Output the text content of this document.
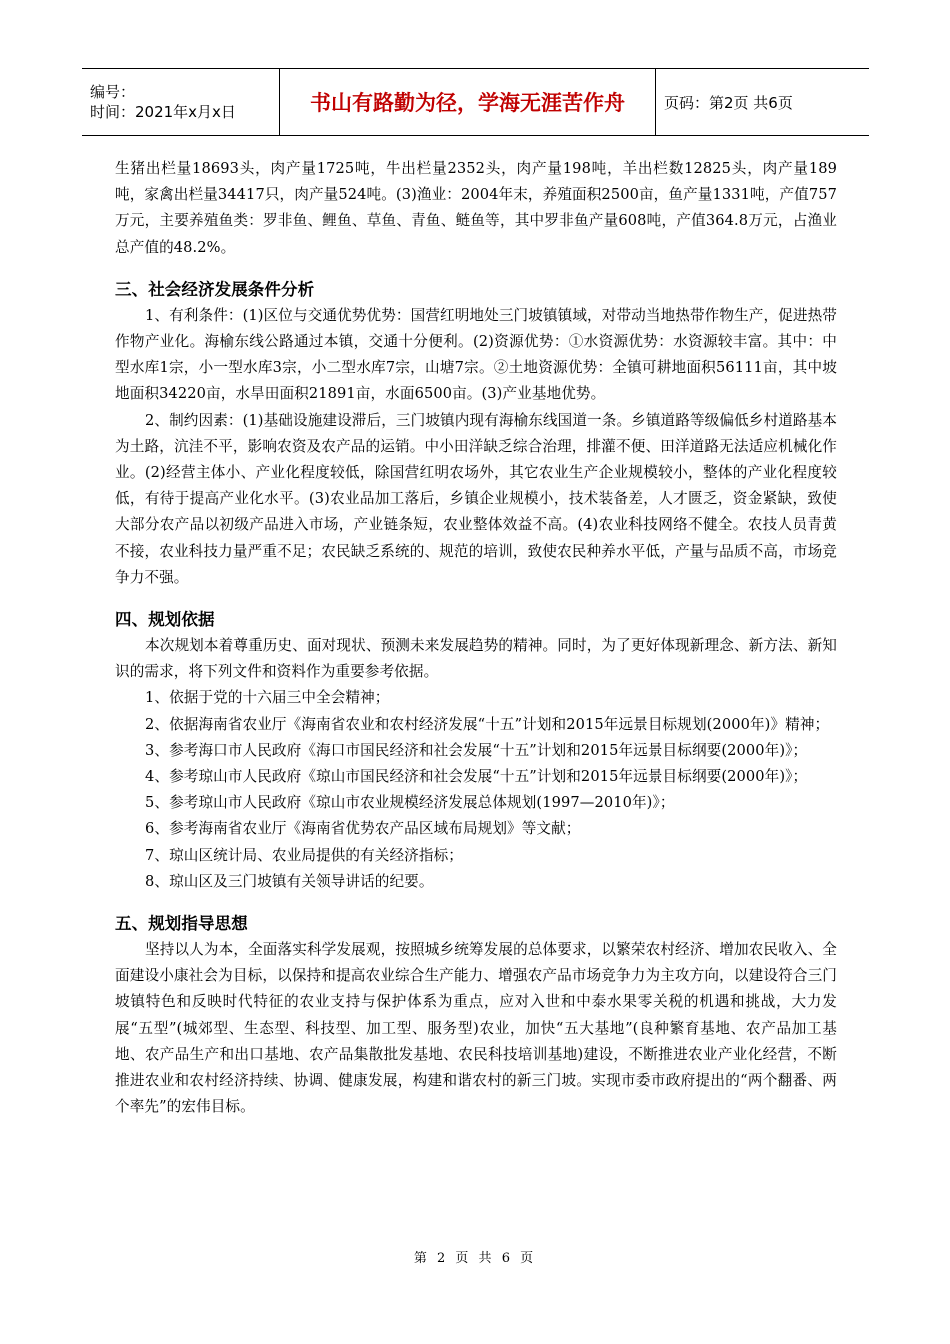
编号：
时间：2021年x月x日	书山有路勤为径，学海无涯苦作舟	页码：第2页 共6页

生猪出栏量18693头，肉产量1725吨，牛出栏量2352头，肉产量198吨，羊出栏数12825头，肉产量189吨，家禽出栏量34417只，肉产量524吨。(3)渔业：2004年末，养殖面积2500亩，鱼产量1331吨，产值757万元，主要养殖鱼类：罗非鱼、鲤鱼、草鱼、青鱼、鲢鱼等，其中罗非鱼产量608吨，产值364.8万元，占渔业总产值的48.2%。

三、社会经济发展条件分析

1、有利条件：(1)区位与交通优势优势：国营红明地处三门坡镇镇域，对带动当地热带作物生产，促进热带作物产业化。海榆东线公路通过本镇，交通十分便利。(2)资源优势：①水资源优势：水资源较丰富。其中：中型水库1宗，小一型水库3宗，小二型水库7宗，山塘7宗。②土地资源优势：全镇可耕地面积56111亩，其中坡地面积34220亩，水旱田面积21891亩，水面6500亩。(3)产业基地优势。

2、制约因素：(1)基础设施建设滞后，三门坡镇内现有海榆东线国道一条。乡镇道路等级偏低乡村道路基本为土路，沆洼不平，影响农资及农产品的运销。中小田洋缺乏综合治理，排灌不便、田洋道路无法适应机械化作业。(2)经营主体小、产业化程度较低，除国营红明农场外，其它农业生产企业规模较小，整体的产业化程度较低，有待于提高产业化水平。(3)农业品加工落后，乡镇企业规模小，技术装备差，人才匮乏，资金紧缺，致使大部分农产品以初级产品进入市场，产业链条短，农业整体效益不高。(4)农业科技网络不健全。农技人员青黄不接，农业科技力量严重不足；农民缺乏系统的、规范的培训，致使农民种养水平低，产量与品质不高，市场竞争力不强。

四、规划依据

本次规划本着尊重历史、面对现状、预测未来发展趋势的精神。同时，为了更好体现新理念、新方法、新知识的需求，将下列文件和资料作为重要参考依据。

1、依据于党的十六届三中全会精神；

2、依据海南省农业厅《海南省农业和农村经济发展“十五”计划和2015年远景目标规划(2000年)》精神；

3、参考海口市人民政府《海口市国民经济和社会发展“十五”计划和2015年远景目标纲要(2000年)》；

4、参考琼山市人民政府《琼山市国民经济和社会发展“十五”计划和2015年远景目标纲要(2000年)》；

5、参考琼山市人民政府《琼山市农业规模经济发展总体规划(1997—2010年)》；

6、参考海南省农业厅《海南省优势农产品区域布局规划》等文献；

7、琼山区统计局、农业局提供的有关经济指标；

8、琼山区及三门坡镇有关领导讲话的纪要。

五、规划指导思想

坚持以人为本，全面落实科学发展观，按照城乡统筹发展的总体要求，以繁荣农村经济、增加农民收入、全面建设小康社会为目标，以保持和提高农业综合生产能力、增强农产品市场竞争力为主攻方向，以建设符合三门坡镇特色和反映时代特征的农业支持与保护体系为重点，应对入世和中泰水果零关税的机遇和挑战，大力发展“五型”(城郊型、生态型、科技型、加工型、服务型)农业，加快“五大基地”(良种繁育基地、农产品加工基地、农产品生产和出口基地、农产品集散批发基地、农民科技培训基地)建设，不断推进农业产业化经营，不断推进农业和农村经济持续、协调、健康发展，构建和谐农村的新三门坡。实现市委市政府提出的“两个翻番、两个率先”的宏伟目标。

第 2 页 共 6 页
